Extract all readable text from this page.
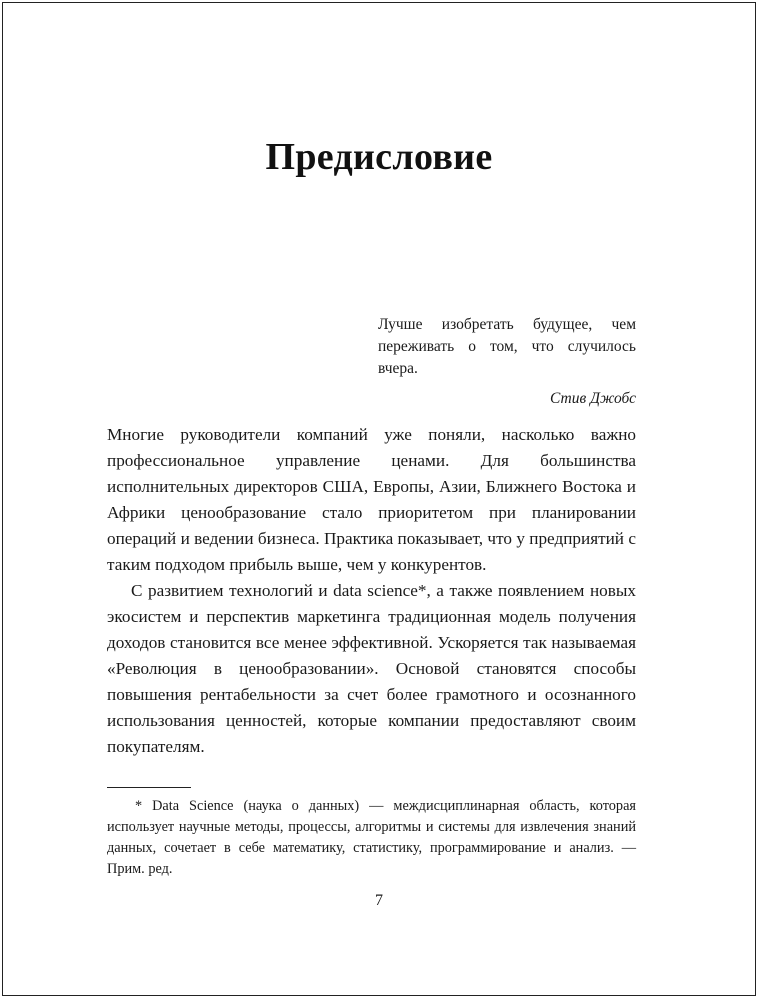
Предисловие
Лучше изобретать будущее, чем переживать о том, что случилось вчера.
Стив Джобс

Многие руководители компаний уже поняли, насколько важно профессиональное управление ценами. Для большинства исполнительных директоров США, Европы, Азии, Ближнего Востока и Африки ценообразование стало приоритетом при планировании операций и ведении бизнеса. Практика показывает, что у предприятий с таким подходом прибыль выше, чем у конкурентов.

С развитием технологий и data science*, а также появлением новых экосистем и перспектив маркетинга традиционная модель получения доходов становится все менее эффективной. Ускоряется так называемая «Революция в ценообразовании». Основой становятся способы повышения рентабельности за счет более грамотного и осознанного использования ценностей, которые компании предоставляют своим покупателям.

* Data Science (наука о данных) — междисциплинарная область, которая использует научные методы, процессы, алгоритмы и системы для извлечения знаний данных, сочетает в себе математику, статистику, программирование и анализ. — Прим. ред.
7
